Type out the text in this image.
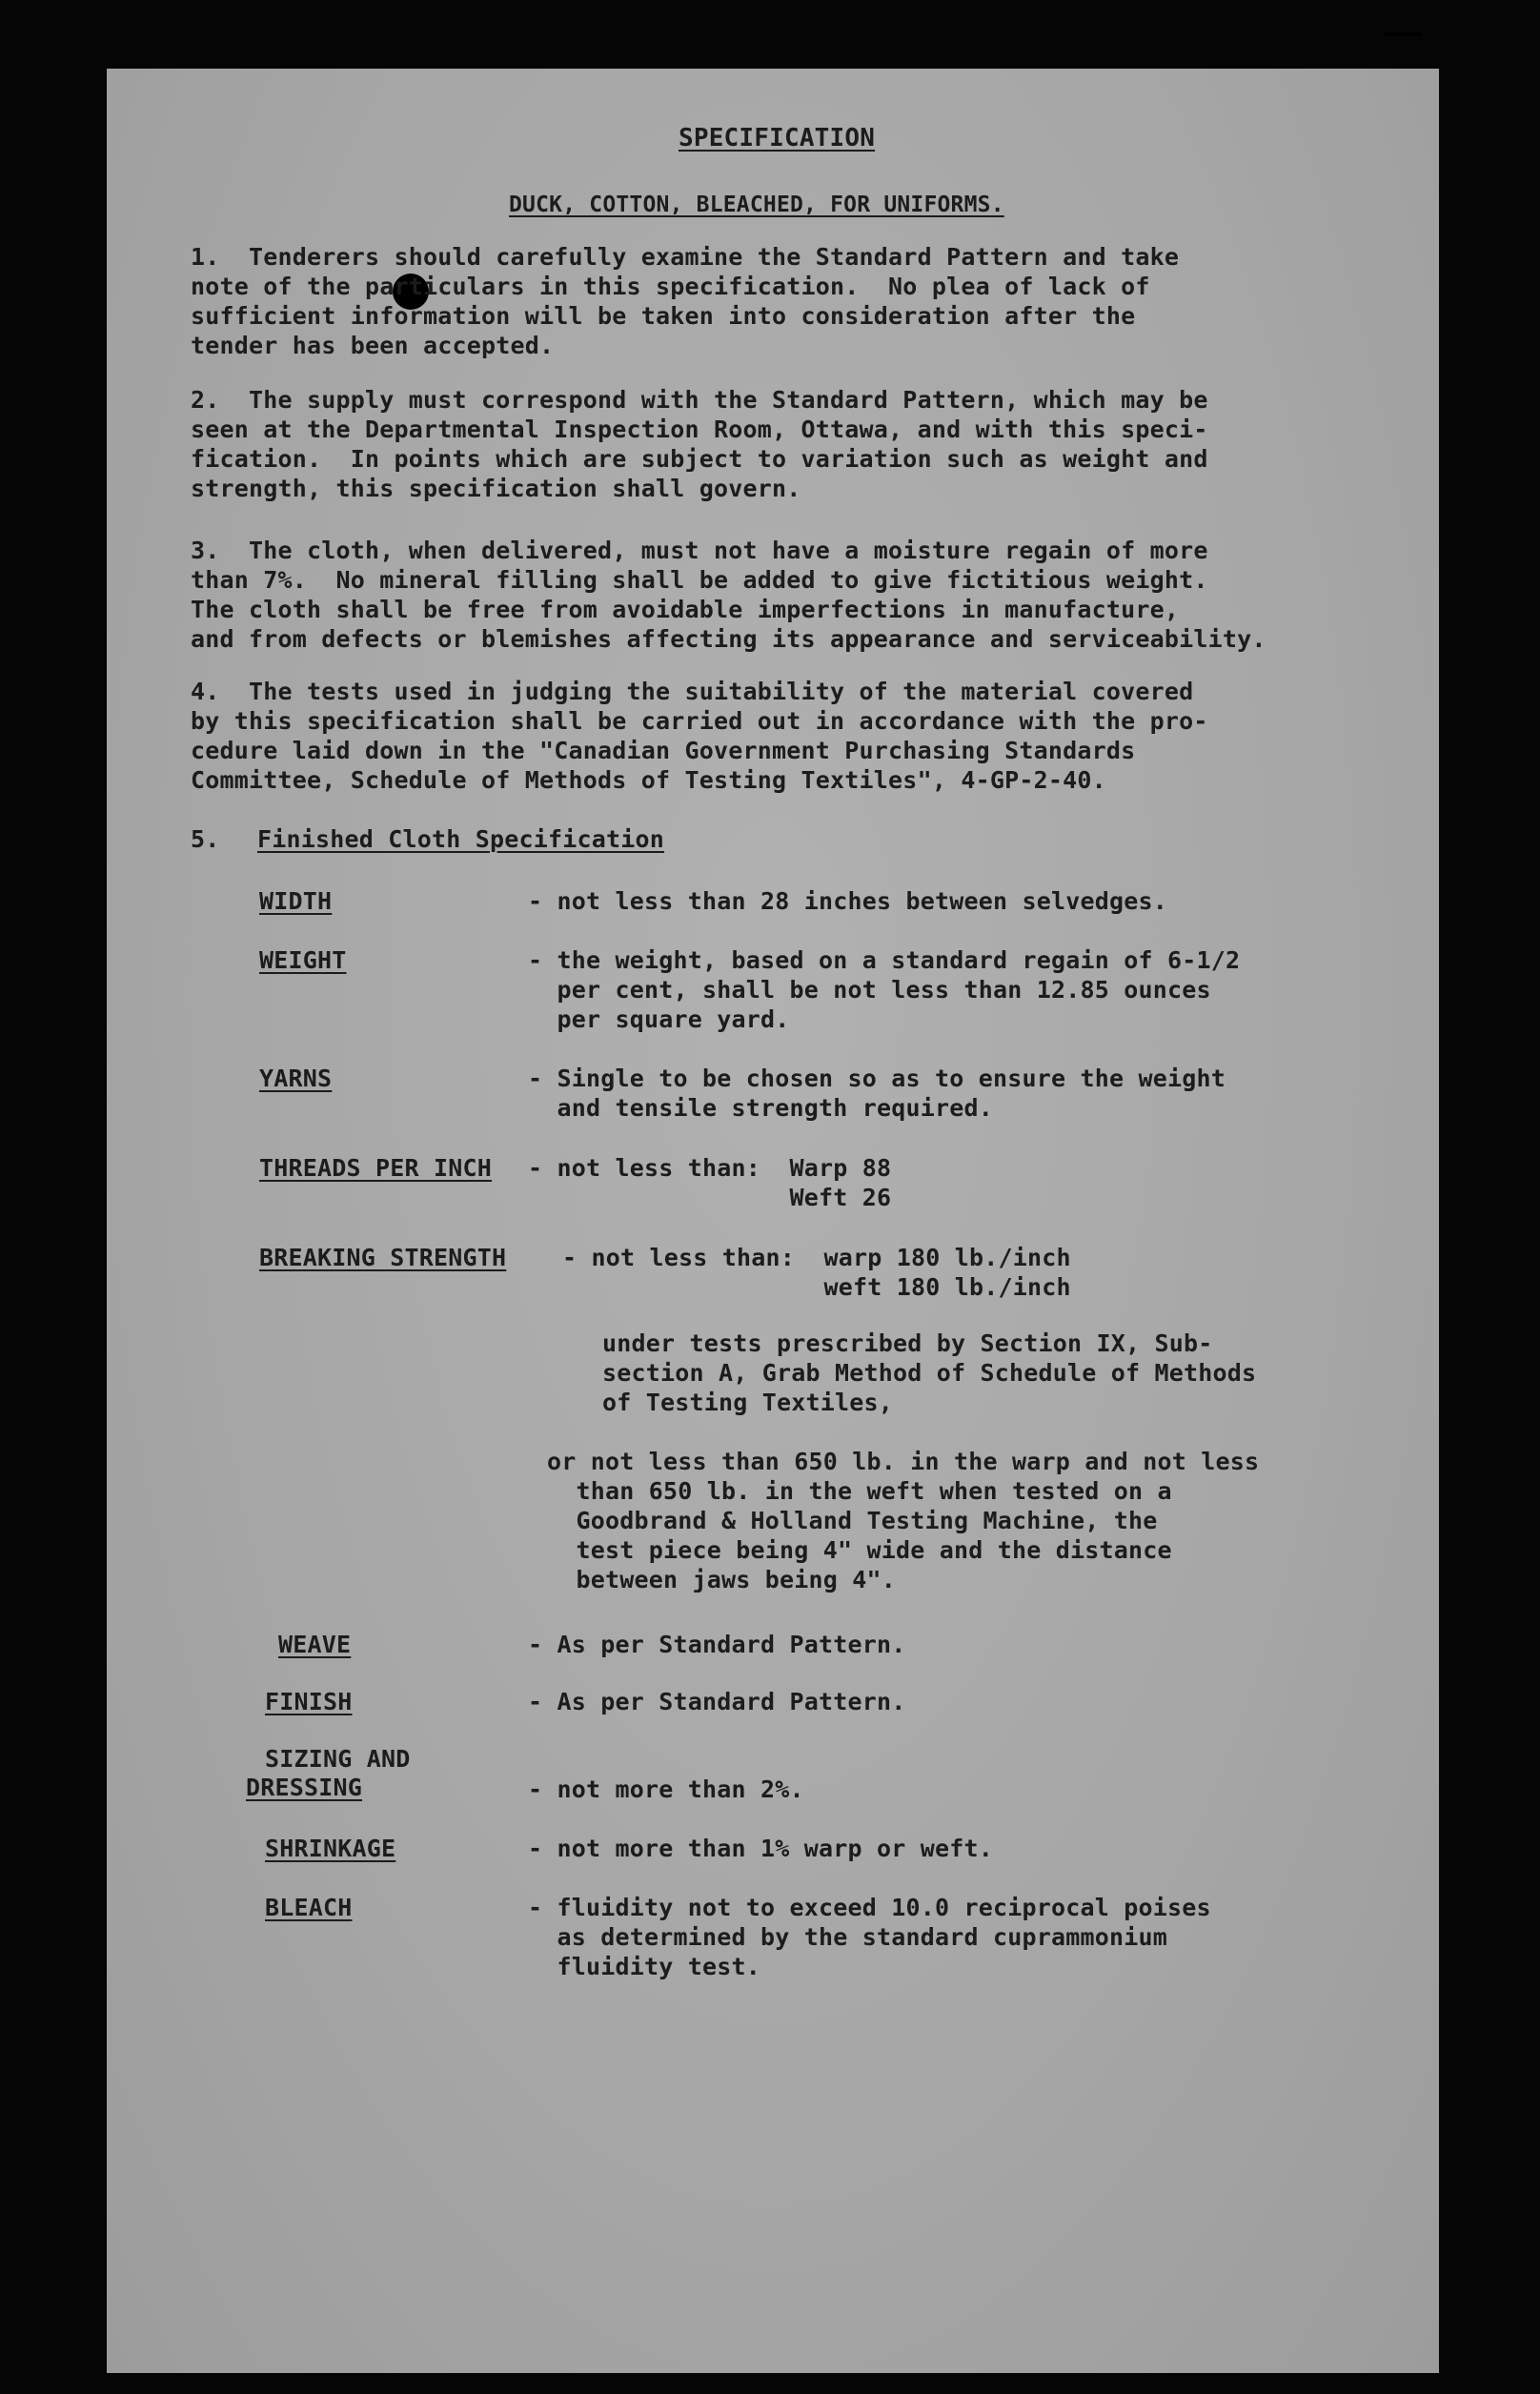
SPECIFICATION

DUCK, COTTON, BLEACHED, FOR UNIFORMS.

1.  Tenderers should carefully examine the Standard Pattern and take
note of the particulars in this specification.  No plea of lack of
sufficient information will be taken into consideration after the
tender has been accepted.

2.  The supply must correspond with the Standard Pattern, which may be
seen at the Departmental Inspection Room, Ottawa, and with this speci-
fication.  In points which are subject to variation such as weight and
strength, this specification shall govern.

3.  The cloth, when delivered, must not have a moisture regain of more
than 7%.  No mineral filling shall be added to give fictitious weight.
The cloth shall be free from avoidable imperfections in manufacture,
and from defects or blemishes affecting its appearance and serviceability.

4.  The tests used in judging the suitability of the material covered
by this specification shall be carried out in accordance with the pro-
cedure laid down in the "Canadian Government Purchasing Standards
Committee, Schedule of Methods of Testing Textiles", 4-GP-2-40.

5. Finished Cloth Specification

WIDTH	- not less than 28 inches between selvedges.

WEIGHT	- the weight, based on a standard regain of 6-1/2
per cent, shall be not less than 12.85 ounces
per square yard.

YARNS	- Single to be chosen so as to ensure the weight
and tensile strength required.

THREADS PER INCH - not less than:  Warp 88
Weft 26

BREAKING STRENGTH - not less than:  warp 180 lb./inch
weft 180 lb./inch

under tests prescribed by Section IX, Sub-
section A, Grab Method of Schedule of Methods
of Testing Textiles,

or not less than 650 lb. in the warp and not less
than 650 lb. in the weft when tested on a
Goodbrand & Holland Testing Machine, the
test piece being 4" wide and the distance
between jaws being 4".

WEAVE	- As per Standard Pattern.

FINISH	- As per Standard Pattern.

SIZING AND

DRESSING	- not more than 2%.

SHRINKAGE	- not more than 1% warp or weft.

BLEACH	- fluidity not to exceed 10.0 reciprocal poises
as determined by the standard cuprammonium
fluidity test.
